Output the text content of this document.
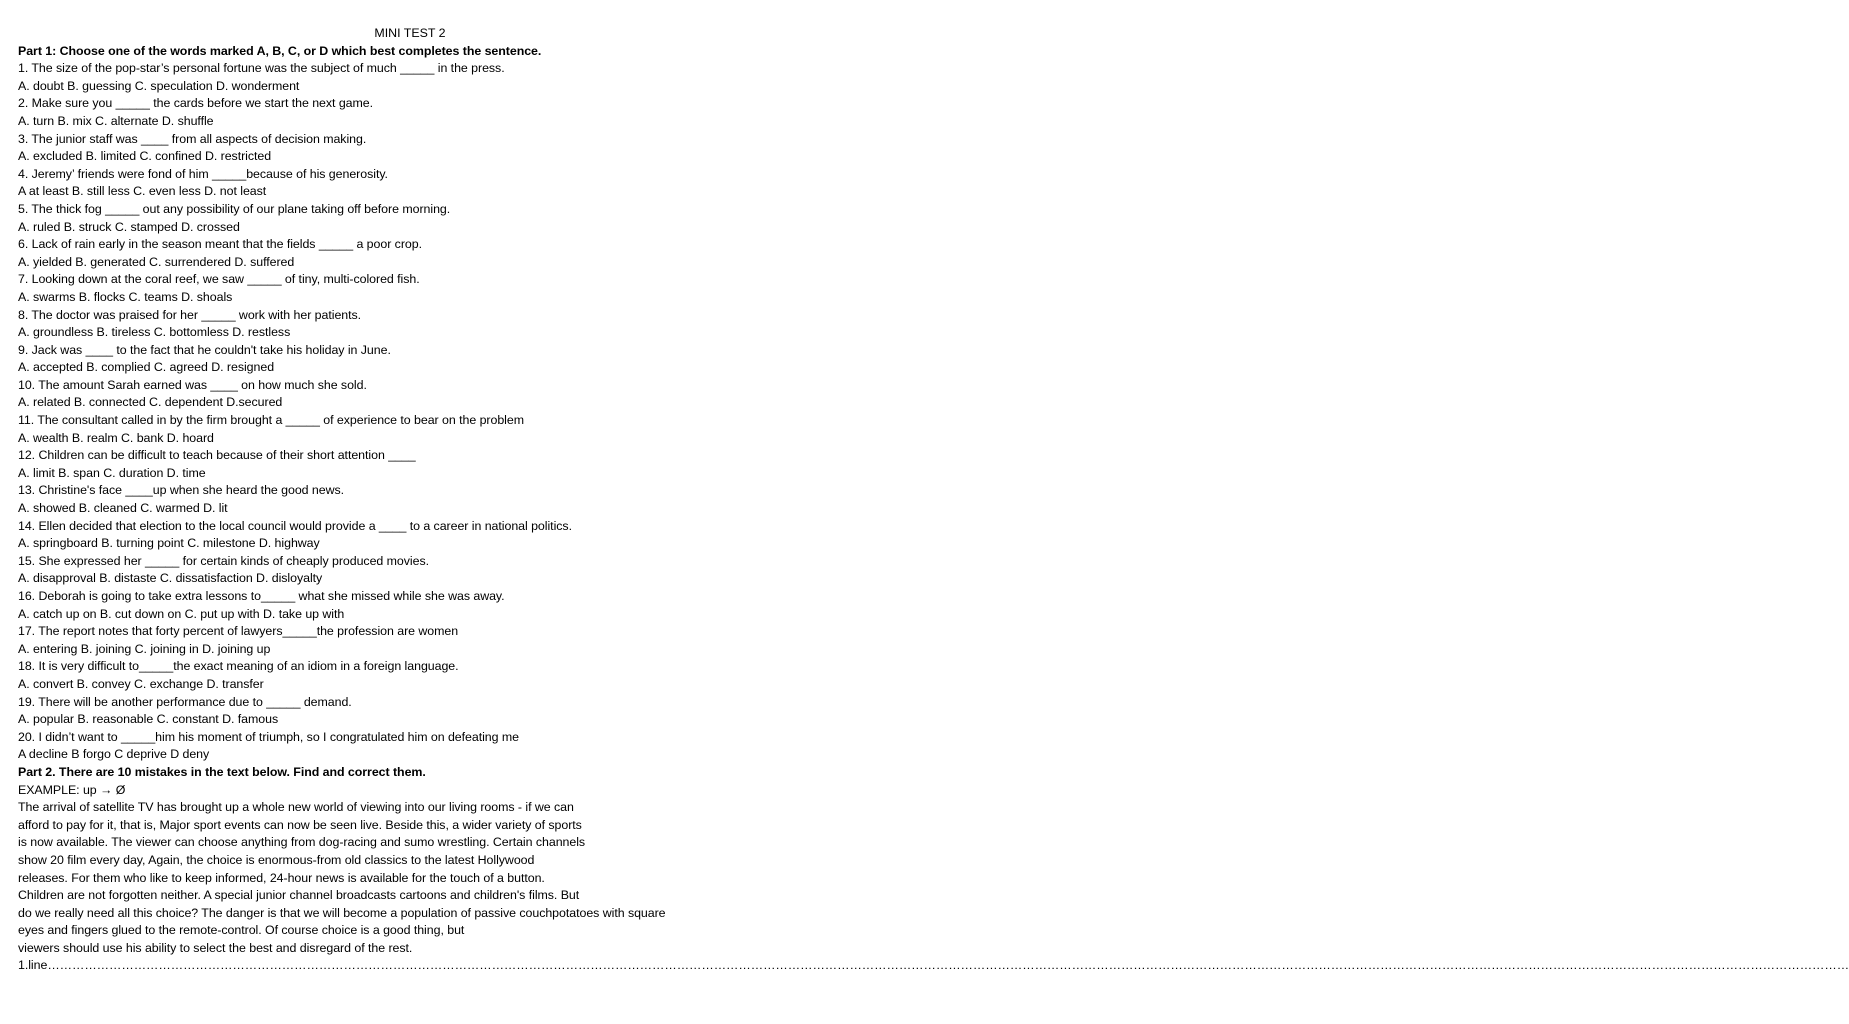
MINI TEST 2
Part 1: Choose one of the words marked A, B, C, or D which best completes the sentence.
1. The size of the pop-star’s personal fortune was the subject of much _____ in the press.
A. doubt B. guessing C. speculation D. wonderment
2. Make sure you _____ the cards before we start the next game.
A. turn B. mix C. alternate D. shuffle
3. The junior staff was ____ from all aspects of decision making.
A. excluded B. limited C. confined D. restricted
4. Jeremy’ friends were fond of him _____because of his generosity.
A at least B. still less C. even less D. not least
5. The thick fog _____ out any possibility of our plane taking off before morning.
A. ruled B. struck C. stamped D. crossed
6. Lack of rain early in the season meant that the fields _____ a poor crop.
A. yielded B. generated C. surrendered D. suffered
7. Looking down at the coral reef, we saw _____ of tiny, multi-colored fish.
A. swarms B. flocks C. teams D. shoals
8. The doctor was praised for her _____ work with her patients.
A. groundless B. tireless C. bottomless D. restless
9. Jack was ____ to the fact that he couldn't take his holiday in June.
A. accepted B. complied C. agreed D. resigned
10. The amount Sarah earned was ____ on how much she sold.
A. related B. connected C. dependent D.secured
11. The consultant called in by the firm brought a _____ of experience to bear on the problem
A. wealth B. realm C. bank D. hoard
12. Children can be difficult to teach because of their short attention ____
A. limit B. span C. duration D. time
13. Christine's face ____up when she heard the good news.
A. showed B. cleaned C. warmed D. lit
14. Ellen decided that election to the local council would provide a ____ to a career in national politics.
A. springboard B. turning point C. milestone D. highway
15. She expressed her _____ for certain kinds of cheaply produced movies.
A. disapproval B. distaste C. dissatisfaction D. disloyalty
16. Deborah is going to take extra lessons to_____ what she missed while she was away.
A. catch up on B. cut down on C. put up with D. take up with
17. The report notes that forty percent of lawyers_____the profession are women
A. entering B. joining C. joining in D. joining up
18. It is very difficult to_____the exact meaning of an idiom in a foreign language.
A. convert B. convey C. exchange D. transfer
19. There will be another performance due to _____ demand.
A. popular B. reasonable C. constant D. famous
20. I didn’t want to _____him his moment of triumph, so I congratulated him on defeating me
A decline B forgo C deprive D deny
Part 2. There are 10 mistakes in the text below. Find and correct them.
EXAMPLE: up → Ø
The arrival of satellite TV has brought up a whole new world of viewing into our living rooms - if we can
afford to pay for it, that is, Major sport events can now be seen live. Beside this, a wider variety of sports
is now available. The viewer can choose anything from dog-racing and sumo wrestling. Certain channels
show 20 film every day, Again, the choice is enormous-from old classics to the latest Hollywood
releases. For them who like to keep informed, 24-hour news is available for the touch of a button.
Children are not forgotten neither. A special junior channel broadcasts cartoons and children's films. But
do we really need all this choice? The danger is that we will become a population of passive couchpotatoes with square
eyes and fingers glued to the remote-control. Of course choice is a good thing, but
viewers should use his ability to select the best and disregard of the rest.
1.line……………………………………………………………………………………………………………………………………………………………………………………………………………………………………………………………………………………………………………………………………………………………………………………………………
